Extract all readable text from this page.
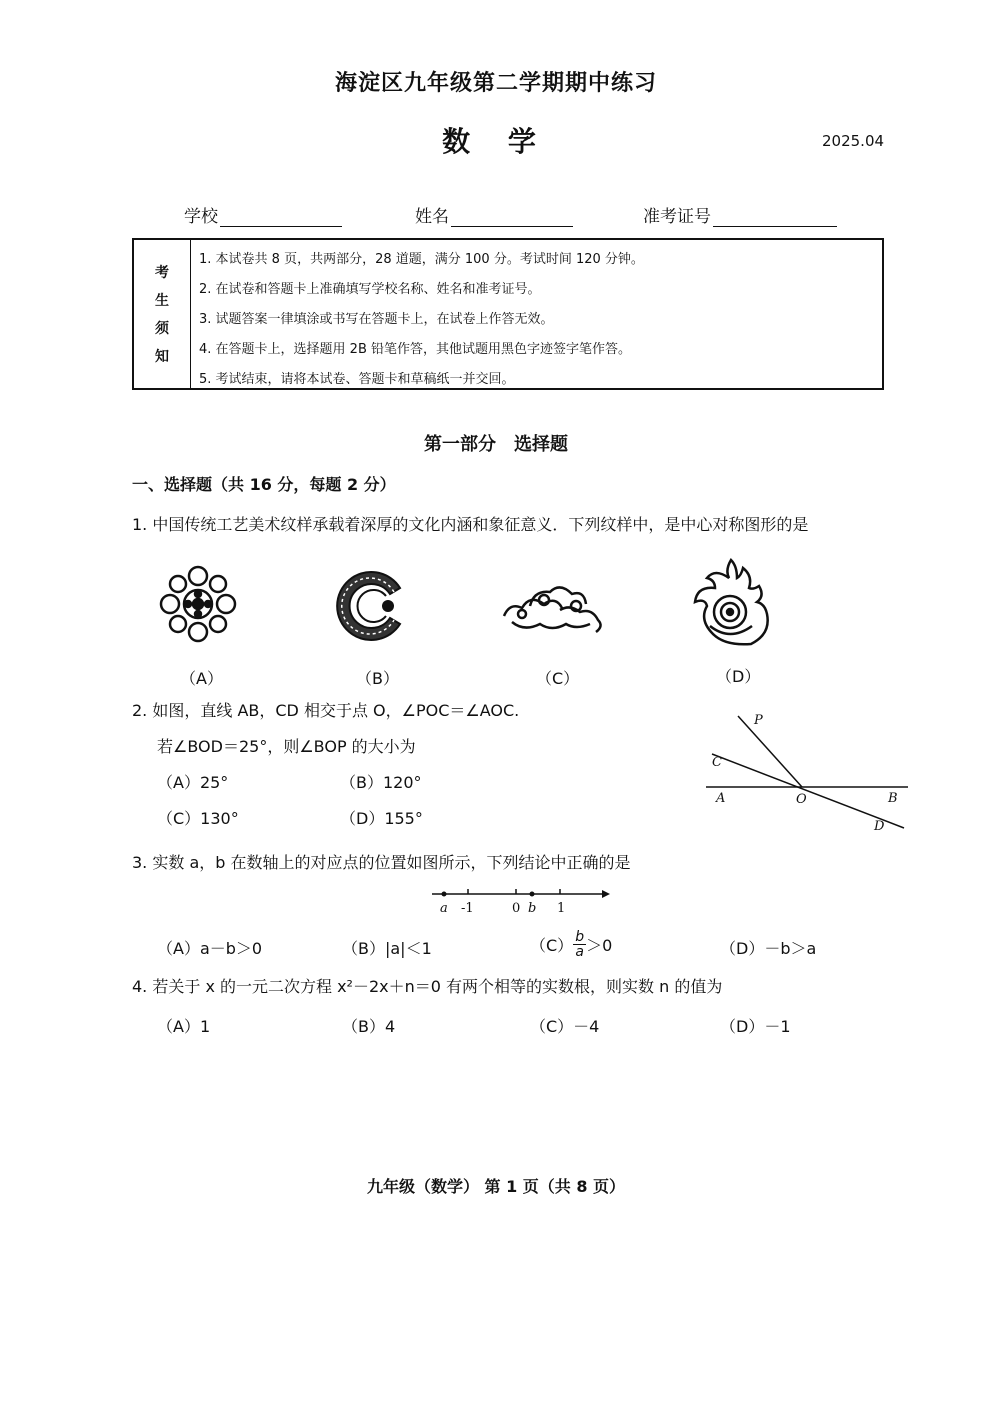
海淀区九年级第二学期期中练习
数 学	2025.04
学校	姓名	准考证号
考
生
须
知
1. 本试卷共 8 页，共两部分，28 道题，满分 100 分。考试时间 120 分钟。
2. 在试卷和答题卡上准确填写学校名称、姓名和准考证号。
3. 试题答案一律填涂或书写在答题卡上，在试卷上作答无效。
4. 在答题卡上，选择题用 2B 铅笔作答，其他试题用黑色字迹签字笔作答。
5. 考试结束，请将本试卷、答题卡和草稿纸一并交回。
第一部分　选择题
一、选择题（共 16 分，每题 2 分）
1. 中国传统工艺美术纹样承载着深厚的文化内涵和象征意义．下列纹样中，是中心对称图形的是
（A）	（B）	（C）	（D）
2. 如图，直线 AB，CD 相交于点 O，∠POC＝∠AOC.
若∠BOD＝25°，则∠BOP 的大小为
（A）25°	（B）120°
（C）130°	（D）155°
P
C
A	O	B
D
3. 实数 a，b 在数轴上的对应点的位置如图所示，下列结论中正确的是
a -1	0 b 1
（A）a－b＞0	（B）|a|＜1	$(C) \frac{b}{a} >0$	（D）－b＞a
4. 若关于 x 的一元二次方程 x²－2x＋n＝0 有两个相等的实数根，则实数 n 的值为
（A）1	（B）4	（C）－4	（D）－1
九年级（数学） 第 1 页（共 8 页）
